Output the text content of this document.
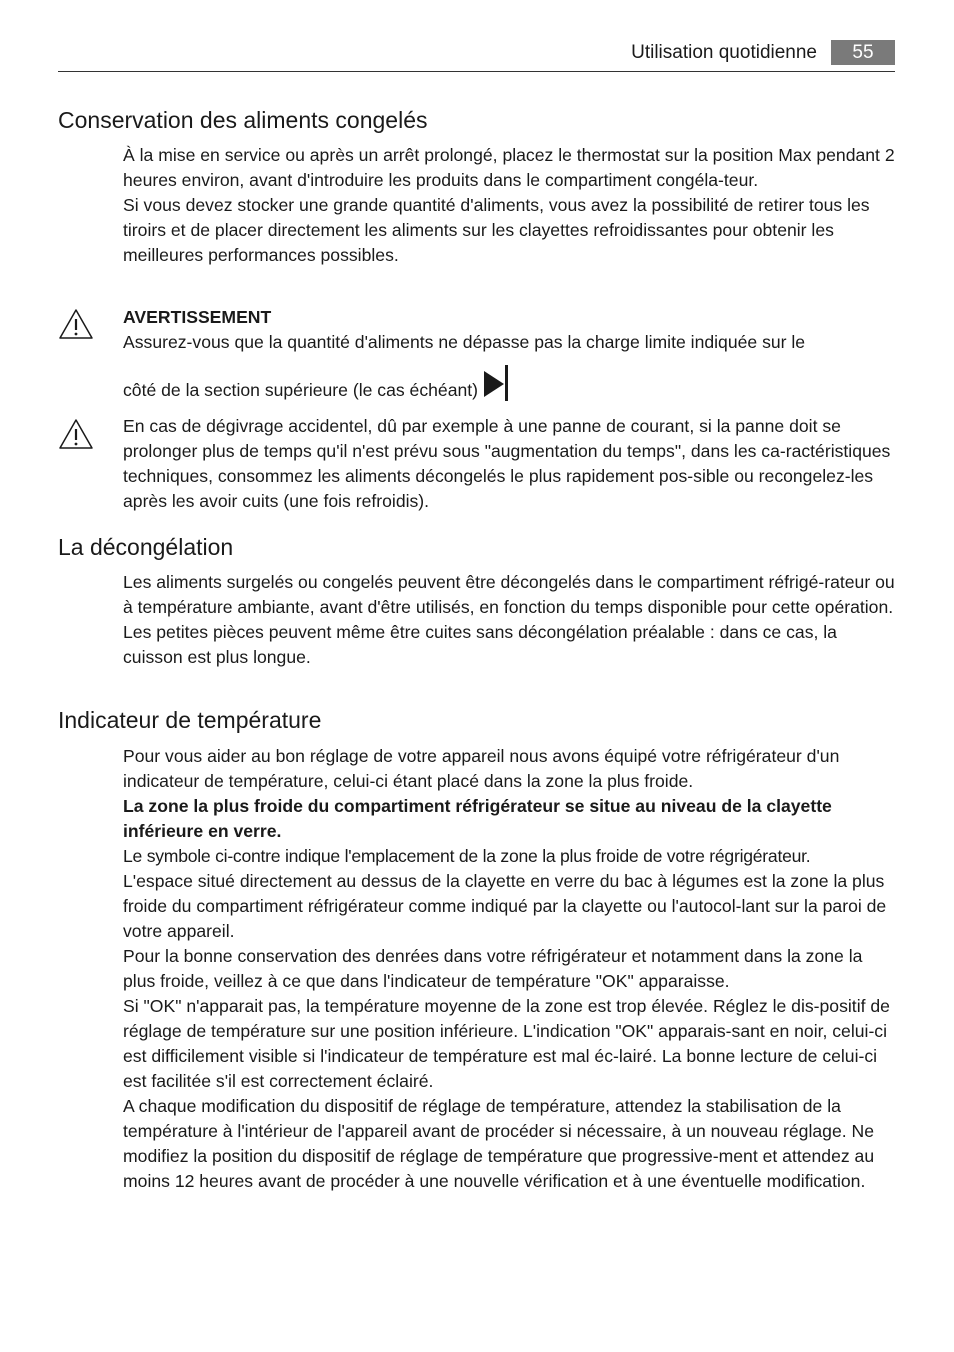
Utilisation quotidienne	55
Conservation des aliments congelés

À la mise en service ou après un arrêt prolongé, placez le thermostat sur la position Max pendant 2 heures environ, avant d'introduire les produits dans le compartiment congéla-teur.

Si vous devez stocker une grande quantité d'aliments, vous avez la possibilité de retirer tous les tiroirs et de placer directement les aliments sur les clayettes refroidissantes pour obtenir les meilleures performances possibles.

AVERTISSEMENT

Assurez-vous que la quantité d'aliments ne dépasse pas la charge limite indiquée sur le

côté de la section supérieure (le cas échéant)

En cas de dégivrage accidentel, dû par exemple à une panne de courant, si la panne doit se prolonger plus de temps qu'il n'est prévu sous "augmentation du temps", dans les ca-ractéristiques techniques, consommez les aliments décongelés le plus rapidement pos-sible ou recongelez-les après les avoir cuits (une fois refroidis).

La décongélation

Les aliments surgelés ou congelés peuvent être décongelés dans le compartiment réfrigé-rateur ou à température ambiante, avant d'être utilisés, en fonction du temps disponible pour cette opération.

Les petites pièces peuvent même être cuites sans décongélation préalable : dans ce cas, la cuisson est plus longue.

Indicateur de température

Pour vous aider au bon réglage de votre appareil nous avons équipé votre réfrigérateur d'un indicateur de température, celui-ci étant placé dans la zone la plus froide.

La zone la plus froide du compartiment réfrigérateur se situe au niveau de la clayette inférieure en verre.

Le symbole ci-contre indique l'emplacement de la zone la plus froide de votre régrigérateur.

L'espace situé directement au dessus de la clayette en verre du bac à légumes est la zone la plus froide du compartiment réfrigérateur comme indiqué par la clayette ou l'autocol-lant sur la paroi de votre appareil.

Pour la bonne conservation des denrées dans votre réfrigérateur et notamment dans la zone la plus froide, veillez à ce que dans l'indicateur de température "OK" apparaisse.

Si "OK" n'apparait pas, la température moyenne de la zone est trop élevée. Réglez le dis-positif de réglage de température sur une position inférieure. L'indication "OK" apparais-sant en noir, celui-ci est difficilement visible si l'indicateur de température est mal éc-lairé. La bonne lecture de celui-ci est facilitée s'il est correctement éclairé.

A chaque modification du dispositif de réglage de température, attendez la stabilisation de la température à l'intérieur de l'appareil avant de procéder si nécessaire, à un nouveau réglage. Ne modifiez la position du dispositif de réglage de température que progressive-ment et attendez au moins 12 heures avant de procéder à une nouvelle vérification et à une éventuelle modification.
